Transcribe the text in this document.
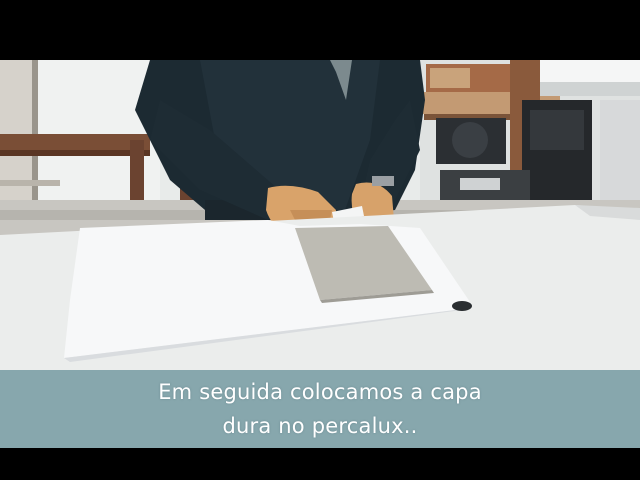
Em seguida colocamos a capa
dura no percalux..
